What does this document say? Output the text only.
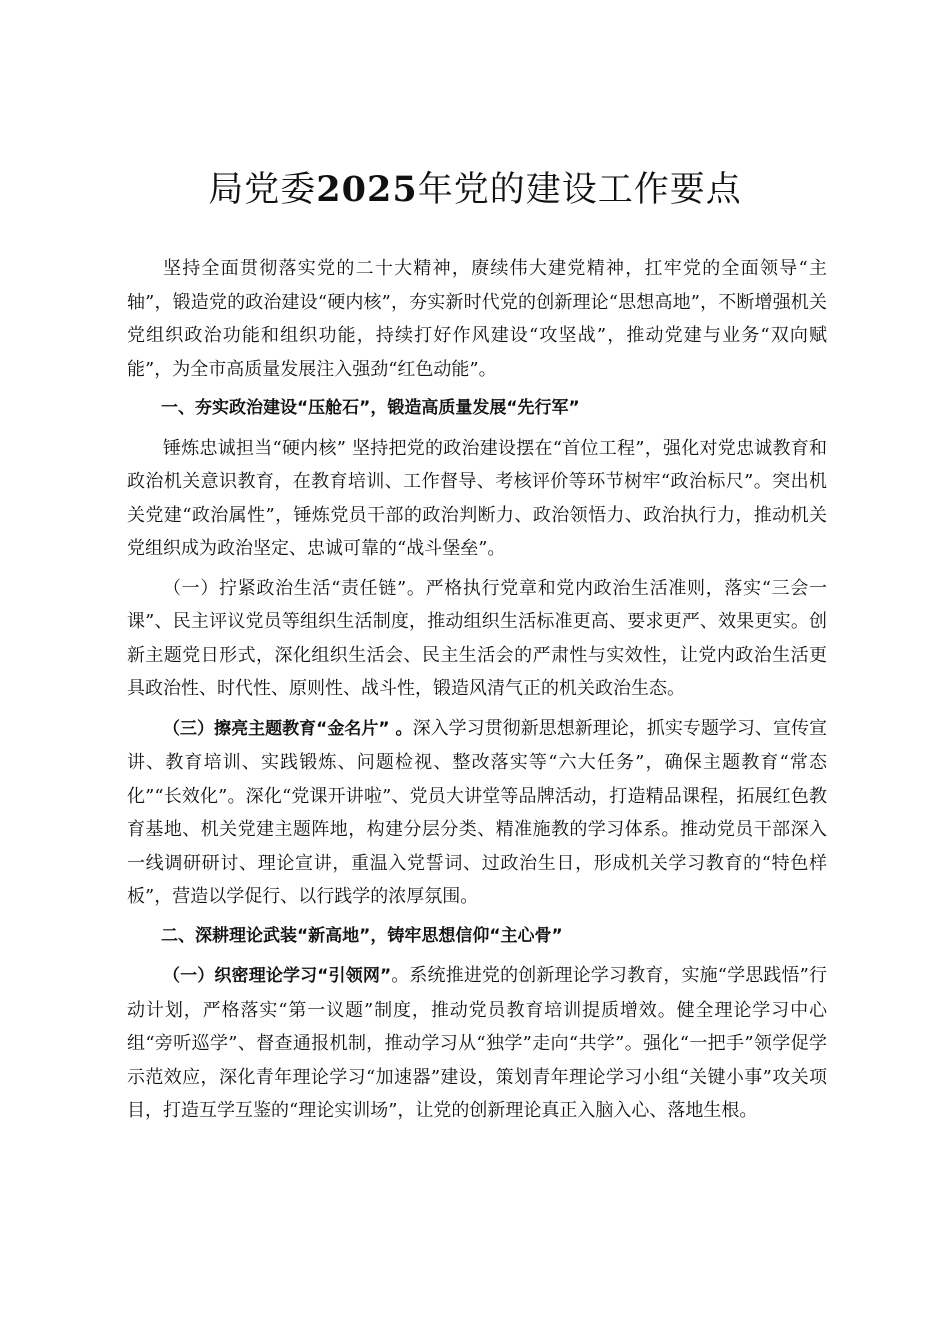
局党委2025年党的建设工作要点

坚持全面贯彻落实党的二十大精神，赓续伟大建党精神，扛牢党的全面领导“主轴”，锻造党的政治建设“硬内核”，夯实新时代党的创新理论“思想高地”，不断增强机关党组织政治功能和组织功能，持续打好作风建设“攻坚战”，推动党建与业务“双向赋能”，为全市高质量发展注入强劲“红色动能”。

一、夯实政治建设“压舱石”，锻造高质量发展“先行军”

锤炼忠诚担当“硬内核” 坚持把党的政治建设摆在“首位工程”，强化对党忠诚教育和政治机关意识教育，在教育培训、工作督导、考核评价等环节树牢“政治标尺”。突出机关党建“政治属性”，锤炼党员干部的政治判断力、政治领悟力、政治执行力，推动机关党组织成为政治坚定、忠诚可靠的“战斗堡垒”。

（一）拧紧政治生活“责任链”。严格执行党章和党内政治生活准则，落实“三会一课”、民主评议党员等组织生活制度，推动组织生活标准更高、要求更严、效果更实。创新主题党日形式，深化组织生活会、民主生活会的严肃性与实效性，让党内政治生活更具政治性、时代性、原则性、战斗性，锻造风清气正的机关政治生态。

（三）擦亮主题教育“金名片” 。深入学习贯彻新思想新理论，抓实专题学习、宣传宣讲、教育培训、实践锻炼、问题检视、整改落实等“六大任务”，确保主题教育“常态化”“长效化”。深化“党课开讲啦”、党员大讲堂等品牌活动，打造精品课程，拓展红色教育基地、机关党建主题阵地，构建分层分类、精准施教的学习体系。推动党员干部深入一线调研研讨、理论宣讲，重温入党誓词、过政治生日，形成机关学习教育的“特色样板”，营造以学促行、以行践学的浓厚氛围。

二、深耕理论武装“新高地”，铸牢思想信仰“主心骨”

（一）织密理论学习“引领网”。系统推进党的创新理论学习教育，实施“学思践悟”行动计划，严格落实“第一议题”制度，推动党员教育培训提质增效。健全理论学习中心组“旁听巡学”、督查通报机制，推动学习从“独学”走向“共学”。强化“一把手”领学促学示范效应，深化青年理论学习“加速器”建设，策划青年理论学习小组“关键小事”攻关项目，打造互学互鉴的“理论实训场”，让党的创新理论真正入脑入心、落地生根。
